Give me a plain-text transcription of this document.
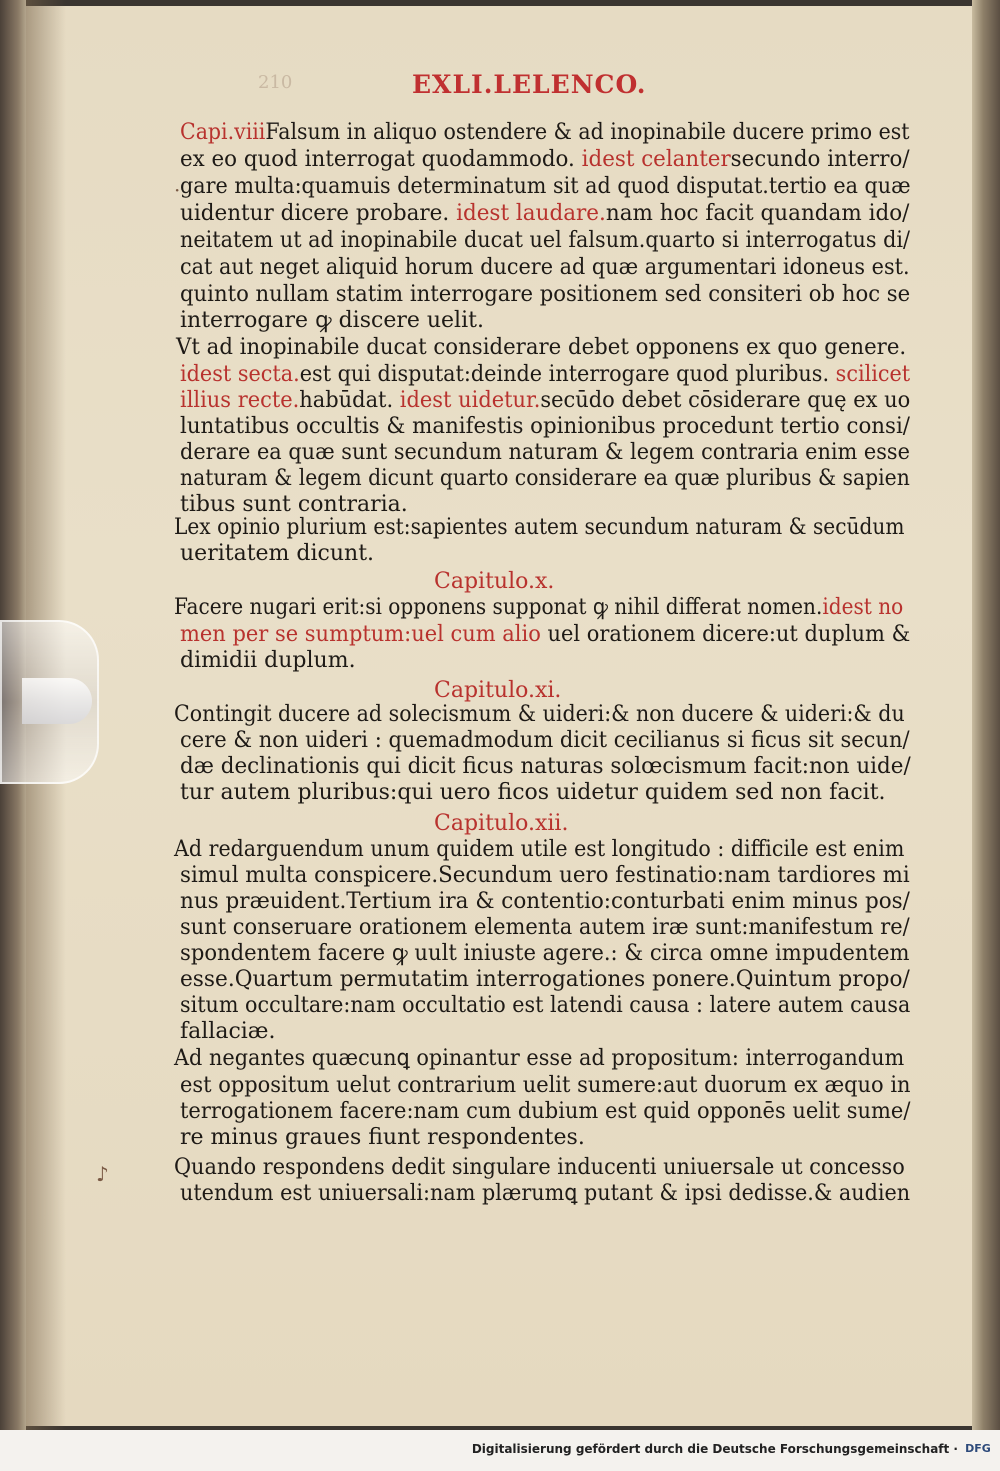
210	EXLI.LELENCO.
Capi.viiiFalsum in aliquo ostendere & ad inopinabile ducere primo est
ex eo quod interrogat quodammodo. idest celantersecundo interro/
gare multa:quamuis determinatum sit ad quod disputat.tertio ea quæ
uidentur dicere probare. idest laudare.nam hoc facit quandam ido/
neitatem ut ad inopinabile ducat uel falsum.quarto si interrogatus di/
cat aut neget aliquid horum ducere ad quæ argumentari idoneus est.
quinto nullam statim interrogare positionem sed consiteri ob hoc se
interrogare ꝙ discere uelit.
Vt ad inopinabile ducat considerare debet opponens ex quo genere.
idest secta.est qui disputat:deinde interrogare quod pluribus. scilicet
illius recte.habūdat. idest uidetur.secūdo debet cōsiderare quę ex uo
luntatibus occultis & manifestis opinionibus procedunt tertio consi/
derare ea quæ sunt secundum naturam & legem contraria enim esse
naturam & legem dicunt quarto considerare ea quæ pluribus & sapien
tibus sunt contraria.
Lex opinio plurium est:sapientes autem secundum naturam & secūdum
ueritatem dicunt.
Facere nugari erit:si opponens supponat ꝙ nihil differat nomen.idest no
men per se sumptum:uel cum alio uel orationem dicere:ut duplum &
dimidii duplum.
Contingit ducere ad solecismum & uideri:& non ducere & uideri:& du
cere & non uideri : quemadmodum dicit cecilianus si ficus sit secun/
dæ declinationis qui dicit ficus naturas solœcismum facit:non uide/
tur autem pluribus:qui uero ficos uidetur quidem sed non facit.
Ad redarguendum unum quidem utile est longitudo : difficile est enim
simul multa conspicere.Secundum uero festinatio:nam tardiores mi
nus præuident.Tertium ira & contentio:conturbati enim minus pos/
sunt conseruare orationem elementa autem iræ sunt:manifestum re/
spondentem facere ꝙ uult iniuste agere.: & circa omne impudentem
esse.Quartum permutatim interrogationes ponere.Quintum propo/
situm occultare:nam occultatio est latendi causa : latere autem causa
fallaciæ.
Ad negantes quæcunꝗ opinantur esse ad propositum: interrogandum
est oppositum uelut contrarium uelit sumere:aut duorum ex æquo in
terrogationem facere:nam cum dubium est quid opponēs uelit sume/
re minus graues fiunt respondentes.
Quando respondens dedit singulare inducenti uniuersale ut concesso
utendum est uniuersali:nam plærumꝗ putant & ipsi dedisse.& audien
Capitulo.x.
Capitulo.xi.
Capitulo.xii.
·
♪
Digitalisierung gefördert durch die Deutsche Forschungsgemeinschaft · DFG
